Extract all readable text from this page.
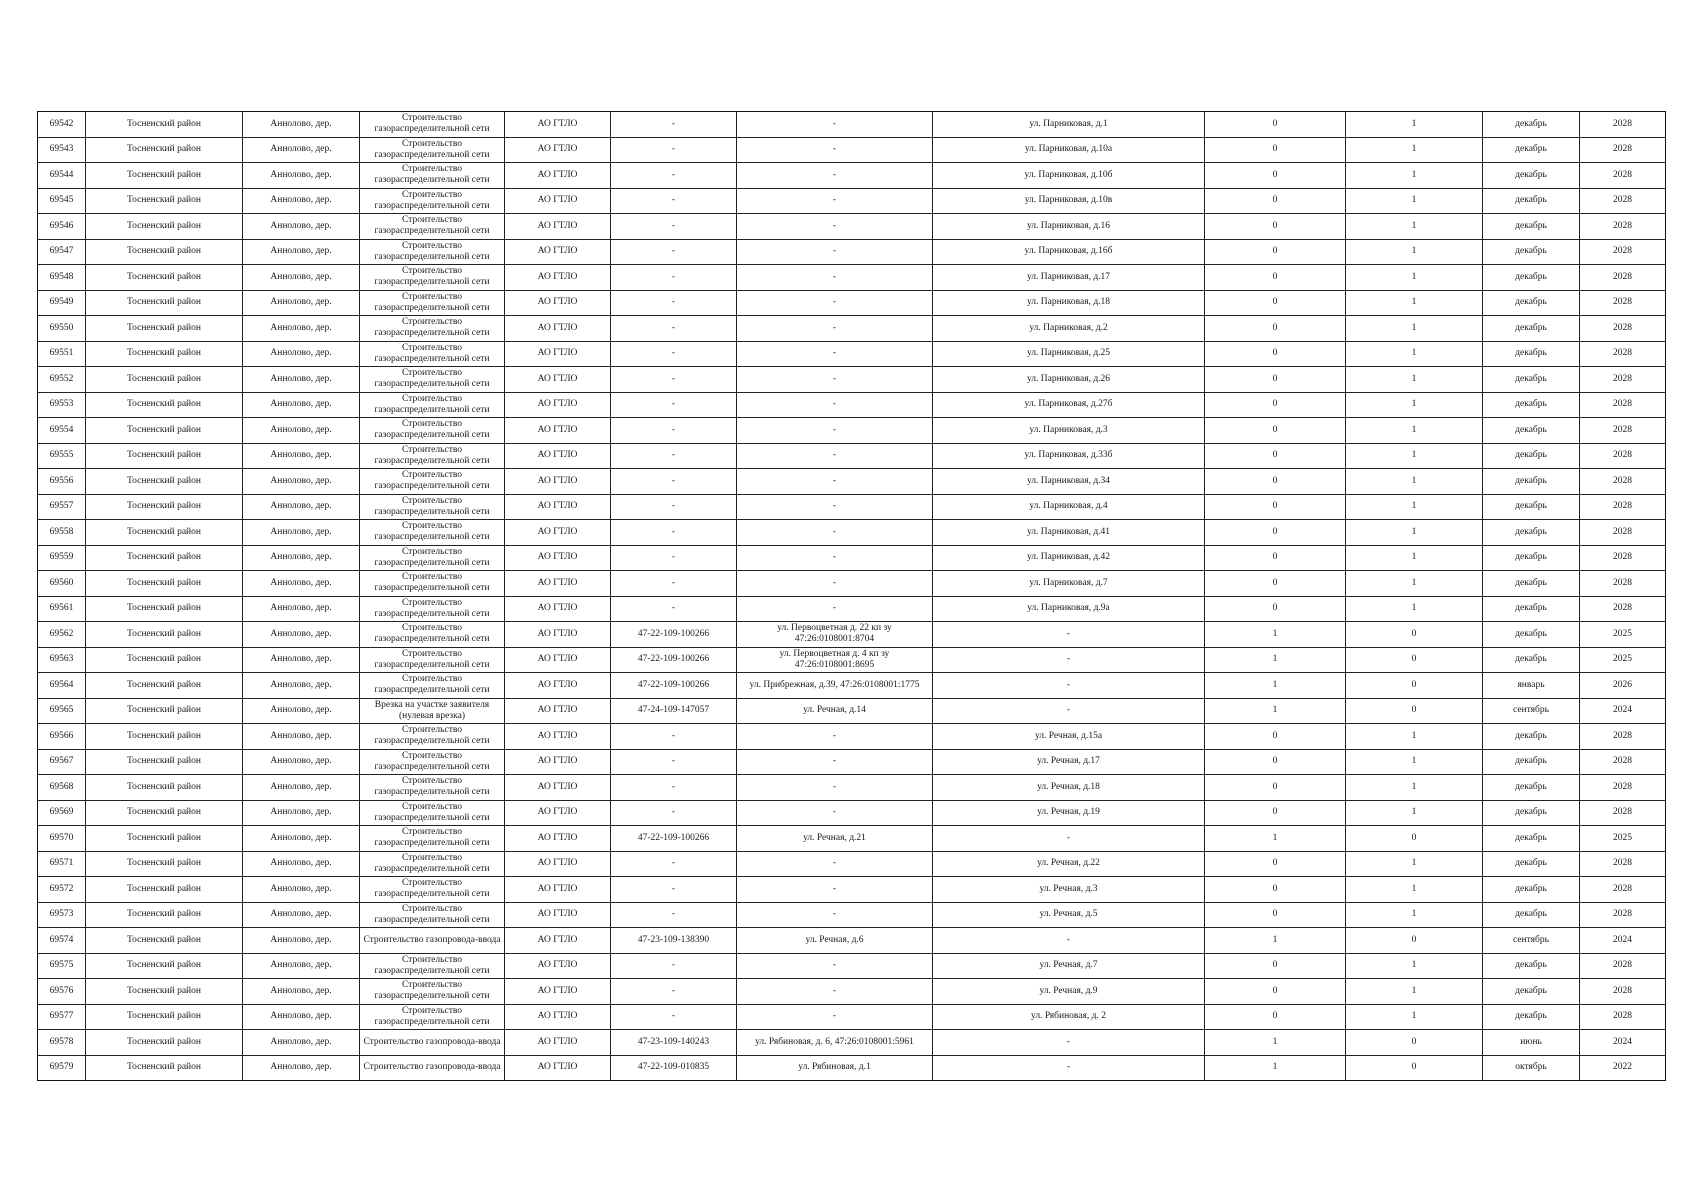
69542	Тосненский район	Аннолово, дер.	Строительство газораспределительной сети	АО ГТЛО	-	-	ул. Парниковая, д.1	0	1	декабрь	2028
69543	Тосненский район	Аннолово, дер.	Строительство газораспределительной сети	АО ГТЛО	-	-	ул. Парниковая, д.10а	0	1	декабрь	2028
69544	Тосненский район	Аннолово, дер.	Строительство газораспределительной сети	АО ГТЛО	-	-	ул. Парниковая, д.10б	0	1	декабрь	2028
69545	Тосненский район	Аннолово, дер.	Строительство газораспределительной сети	АО ГТЛО	-	-	ул. Парниковая, д.10в	0	1	декабрь	2028
69546	Тосненский район	Аннолово, дер.	Строительство газораспределительной сети	АО ГТЛО	-	-	ул. Парниковая, д.16	0	1	декабрь	2028
69547	Тосненский район	Аннолово, дер.	Строительство газораспределительной сети	АО ГТЛО	-	-	ул. Парниковая, д.16б	0	1	декабрь	2028
69548	Тосненский район	Аннолово, дер.	Строительство газораспределительной сети	АО ГТЛО	-	-	ул. Парниковая, д.17	0	1	декабрь	2028
69549	Тосненский район	Аннолово, дер.	Строительство газораспределительной сети	АО ГТЛО	-	-	ул. Парниковая, д.18	0	1	декабрь	2028
69550	Тосненский район	Аннолово, дер.	Строительство газораспределительной сети	АО ГТЛО	-	-	ул. Парниковая, д.2	0	1	декабрь	2028
69551	Тосненский район	Аннолово, дер.	Строительство газораспределительной сети	АО ГТЛО	-	-	ул. Парниковая, д.25	0	1	декабрь	2028
69552	Тосненский район	Аннолово, дер.	Строительство газораспределительной сети	АО ГТЛО	-	-	ул. Парниковая, д.26	0	1	декабрь	2028
69553	Тосненский район	Аннолово, дер.	Строительство газораспределительной сети	АО ГТЛО	-	-	ул. Парниковая, д.27б	0	1	декабрь	2028
69554	Тосненский район	Аннолово, дер.	Строительство газораспределительной сети	АО ГТЛО	-	-	ул. Парниковая, д.3	0	1	декабрь	2028
69555	Тосненский район	Аннолово, дер.	Строительство газораспределительной сети	АО ГТЛО	-	-	ул. Парниковая, д.33б	0	1	декабрь	2028
69556	Тосненский район	Аннолово, дер.	Строительство газораспределительной сети	АО ГТЛО	-	-	ул. Парниковая, д.34	0	1	декабрь	2028
69557	Тосненский район	Аннолово, дер.	Строительство газораспределительной сети	АО ГТЛО	-	-	ул. Парниковая, д.4	0	1	декабрь	2028
69558	Тосненский район	Аннолово, дер.	Строительство газораспределительной сети	АО ГТЛО	-	-	ул. Парниковая, д.41	0	1	декабрь	2028
69559	Тосненский район	Аннолово, дер.	Строительство газораспределительной сети	АО ГТЛО	-	-	ул. Парниковая, д.42	0	1	декабрь	2028
69560	Тосненский район	Аннолово, дер.	Строительство газораспределительной сети	АО ГТЛО	-	-	ул. Парниковая, д.7	0	1	декабрь	2028
69561	Тосненский район	Аннолово, дер.	Строительство газораспределительной сети	АО ГТЛО	-	-	ул. Парниковая, д.9а	0	1	декабрь	2028
69562	Тосненский район	Аннолово, дер.	Строительство газораспределительной сети	АО ГТЛО	47-22-109-100266	ул. Первоцветная д. 22 кп зу 47:26:0108001:8704	-	1	0	декабрь	2025
69563	Тосненский район	Аннолово, дер.	Строительство газораспределительной сети	АО ГТЛО	47-22-109-100266	ул. Первоцветная д. 4 кп зу 47:26:0108001:8695	-	1	0	декабрь	2025
69564	Тосненский район	Аннолово, дер.	Строительство газораспределительной сети	АО ГТЛО	47-22-109-100266	ул. Прибрежная, д.39, 47:26:0108001:1775	-	1	0	январь	2026
69565	Тосненский район	Аннолово, дер.	Врезка на участке заявителя (нулевая врезка)	АО ГТЛО	47-24-109-147057	ул. Речная, д.14	-	1	0	сентябрь	2024
69566	Тосненский район	Аннолово, дер.	Строительство газораспределительной сети	АО ГТЛО	-	-	ул. Речная, д.15а	0	1	декабрь	2028
69567	Тосненский район	Аннолово, дер.	Строительство газораспределительной сети	АО ГТЛО	-	-	ул. Речная, д.17	0	1	декабрь	2028
69568	Тосненский район	Аннолово, дер.	Строительство газораспределительной сети	АО ГТЛО	-	-	ул. Речная, д.18	0	1	декабрь	2028
69569	Тосненский район	Аннолово, дер.	Строительство газораспределительной сети	АО ГТЛО	-	-	ул. Речная, д.19	0	1	декабрь	2028
69570	Тосненский район	Аннолово, дер.	Строительство газораспределительной сети	АО ГТЛО	47-22-109-100266	ул. Речная, д.21	-	1	0	декабрь	2025
69571	Тосненский район	Аннолово, дер.	Строительство газораспределительной сети	АО ГТЛО	-	-	ул. Речная, д.22	0	1	декабрь	2028
69572	Тосненский район	Аннолово, дер.	Строительство газораспределительной сети	АО ГТЛО	-	-	ул. Речная, д.3	0	1	декабрь	2028
69573	Тосненский район	Аннолово, дер.	Строительство газораспределительной сети	АО ГТЛО	-	-	ул. Речная, д.5	0	1	декабрь	2028
69574	Тосненский район	Аннолово, дер.	Строительство газопровода-ввода	АО ГТЛО	47-23-109-138390	ул. Речная, д.6	-	1	0	сентябрь	2024
69575	Тосненский район	Аннолово, дер.	Строительство газораспределительной сети	АО ГТЛО	-	-	ул. Речная, д.7	0	1	декабрь	2028
69576	Тосненский район	Аннолово, дер.	Строительство газораспределительной сети	АО ГТЛО	-	-	ул. Речная, д.9	0	1	декабрь	2028
69577	Тосненский район	Аннолово, дер.	Строительство газораспределительной сети	АО ГТЛО	-	-	ул. Рябиновая, д. 2	0	1	декабрь	2028
69578	Тосненский район	Аннолово, дер.	Строительство газопровода-ввода	АО ГТЛО	47-23-109-140243	ул. Рябиновая, д. 6, 47:26:0108001:5961	-	1	0	июнь	2024
69579	Тосненский район	Аннолово, дер.	Строительство газопровода-ввода	АО ГТЛО	47-22-109-010835	ул. Рябиновая, д.1	-	1	0	октябрь	2022
